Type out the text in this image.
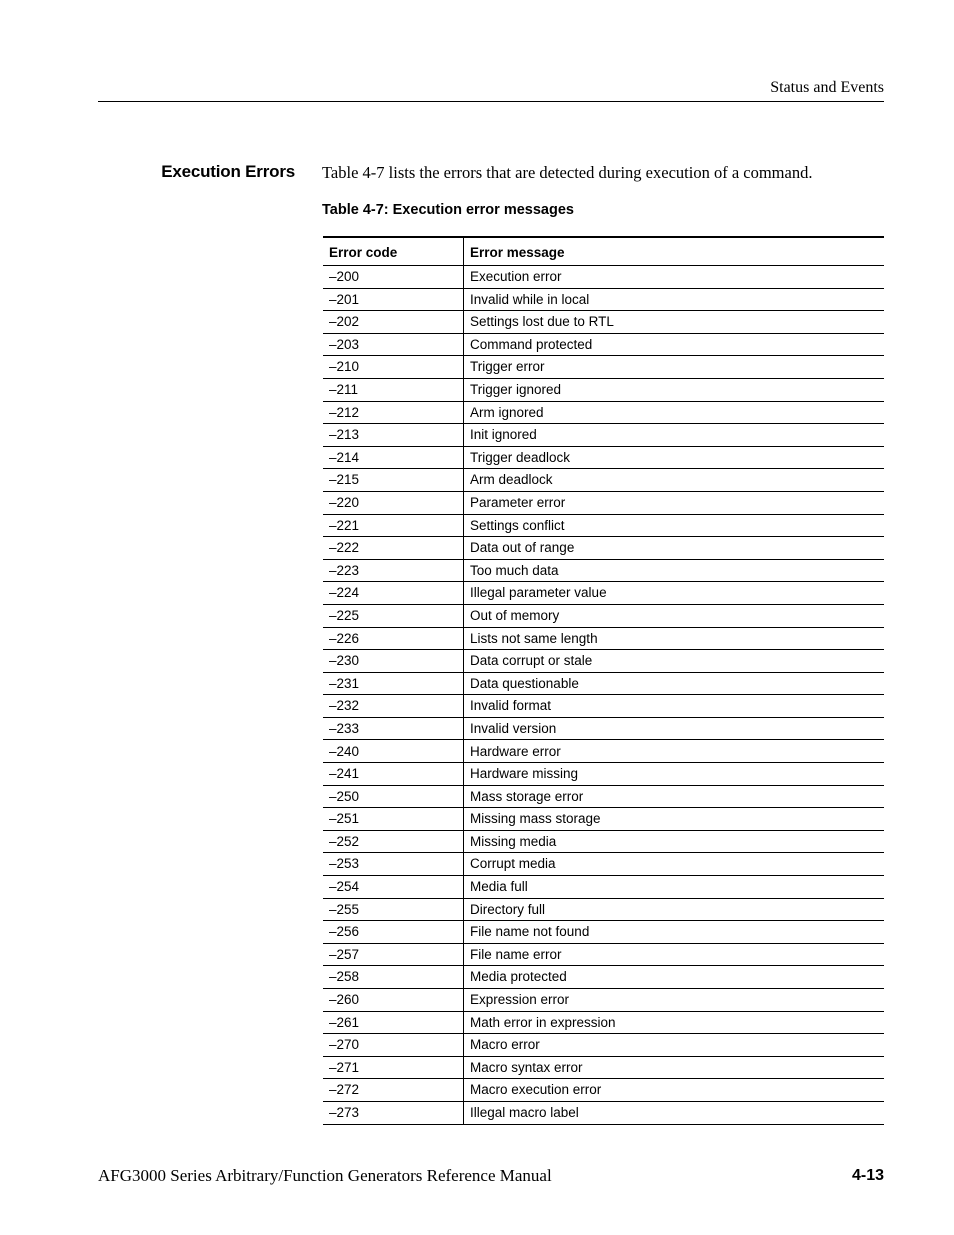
Status and Events
Execution Errors Table 4-7 lists the errors that are detected during execution of a command.
Table 4-7: Execution error messages
Error code	Error message
–200	Execution error
–201	Invalid while in local
–202	Settings lost due to RTL
–203	Command protected
–210	Trigger error
–211	Trigger ignored
–212	Arm ignored
–213	Init ignored
–214	Trigger deadlock
–215	Arm deadlock
–220	Parameter error
–221	Settings conflict
–222	Data out of range
–223	Too much data
–224	Illegal parameter value
–225	Out of memory
–226	Lists not same length
–230	Data corrupt or stale
–231	Data questionable
–232	Invalid format
–233	Invalid version
–240	Hardware error
–241	Hardware missing
–250	Mass storage error
–251	Missing mass storage
–252	Missing media
–253	Corrupt media
–254	Media full
–255	Directory full
–256	File name not found
–257	File name error
–258	Media protected
–260	Expression error
–261	Math error in expression
–270	Macro error
–271	Macro syntax error
–272	Macro execution error
–273	Illegal macro label
AFG3000 Series Arbitrary/Function Generators Reference Manual	4-13
